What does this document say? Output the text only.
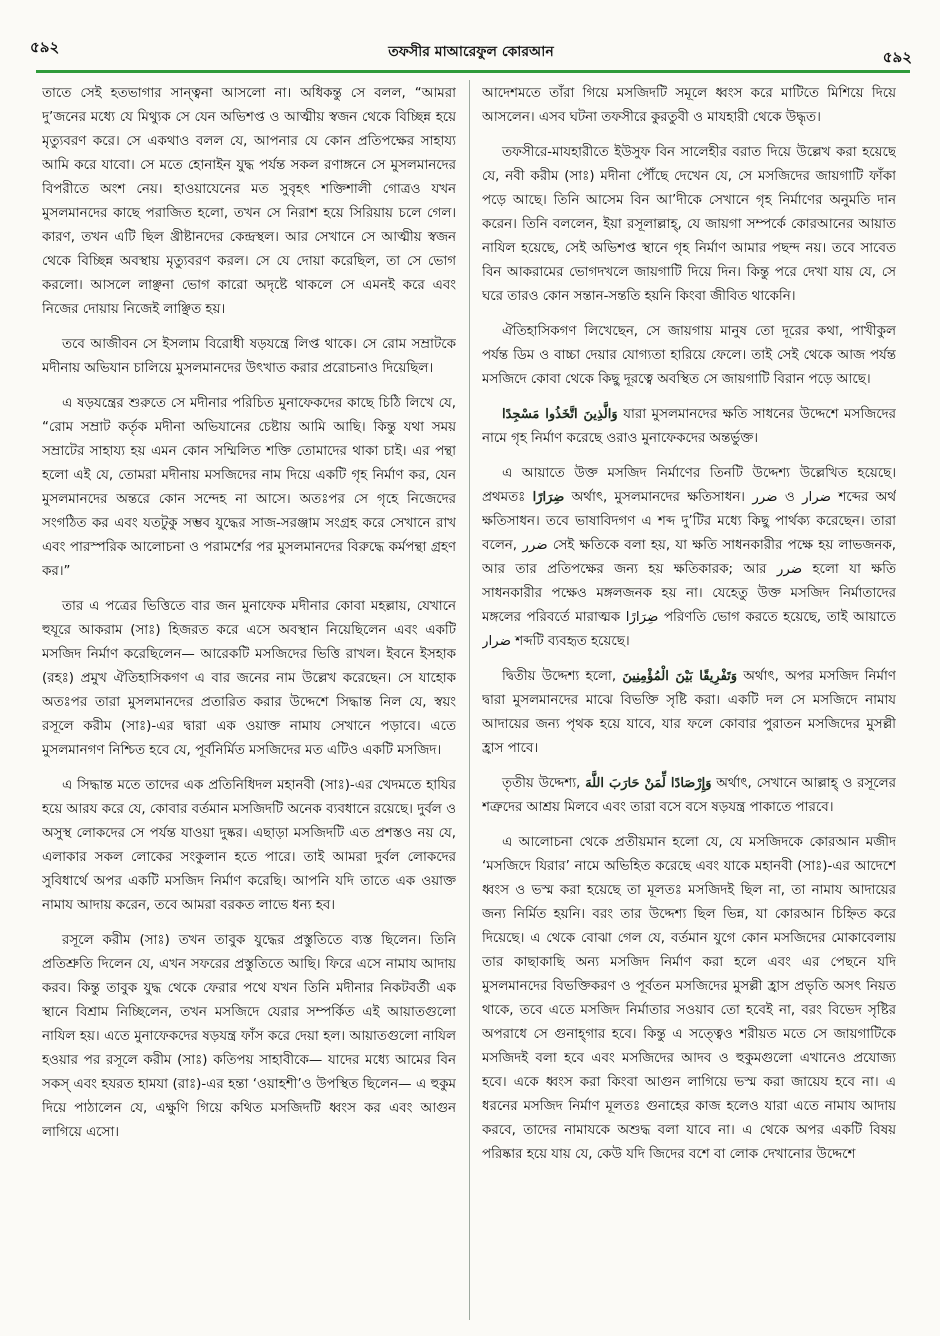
৫৯২	তফসীর মাআরেফুল কোরআন	৫৯২

তাতে সেই হতভাগার সান্ত্বনা আসলো না। অধিকন্তু সে বলল, “আমরা দু’জনের মধ্যে যে মিথ্যুক সে যেন অভিশপ্ত ও আত্মীয় স্বজন থেকে বিচ্ছিন্ন হয়ে মৃত্যুবরণ করে। সে একথাও বলল যে, আপনার যে কোন প্রতিপক্ষের সাহায্য আমি করে যাবো। সে মতে হোনাইন যুদ্ধ পর্যন্ত সকল রণাঙ্গনে সে মুসলমানদের বিপরীতে অংশ নেয়। হাওয়াযেনের মত সুবৃহৎ শক্তিশালী গোত্রও যখন মুসলমানদের কাছে পরাজিত হলো, তখন সে নিরাশ হয়ে সিরিয়ায় চলে গেল। কারণ, তখন এটি ছিল খ্রীষ্টানদের কেন্দ্রস্থল। আর সেখানে সে আত্মীয় স্বজন থেকে বিচ্ছিন্ন অবস্থায় মৃত্যুবরণ করল। সে যে দোয়া করেছিল, তা সে ভোগ করলো। আসলে লাঞ্ছনা ভোগ কারো অদৃষ্টে থাকলে সে এমনই করে এবং নিজের দোয়ায় নিজেই লাঞ্ছিত হয়।

তবে আজীবন সে ইসলাম বিরোধী ষড়যন্ত্রে লিপ্ত থাকে। সে রোম সম্রাটকে মদীনায় অভিযান চালিয়ে মুসলমানদের উৎখাত করার প্ররোচনাও দিয়েছিল।

এ ষড়যন্ত্রের শুরুতে সে মদীনার পরিচিত মুনাফেকদের কাছে চিঠি লিখে যে, “রোম সম্রাট কর্তৃক মদীনা অভিযানের চেষ্টায় আমি আছি। কিন্তু যথা সময় সম্রাটের সাহায্য হয় এমন কোন সম্মিলিত শক্তি তোমাদের থাকা চাই। এর পন্থা হলো এই যে, তোমরা মদীনায় মসজিদের নাম দিয়ে একটি গৃহ নির্মাণ কর, যেন মুসলমানদের অন্তরে কোন সন্দেহ না আসে। অতঃপর সে গৃহে নিজেদের সংগঠিত কর এবং যতটুকু সম্ভব যুদ্ধের সাজ-সরঞ্জাম সংগ্রহ করে সেখানে রাখ এবং পারস্পরিক আলোচনা ও পরামর্শের পর মুসলমানদের বিরুদ্ধে কর্মপন্থা গ্রহণ কর।”

তার এ পত্রের ভিত্তিতে বার জন মুনাফেক মদীনার কোবা মহল্লায়, যেখানে হুযূরে আকরাম (সাঃ) হিজরত করে এসে অবস্থান নিয়েছিলেন এবং একটি মসজিদ নির্মাণ করেছিলেন— আরেকটি মসজিদের ভিত্তি রাখল। ইবনে ইসহাক (রহঃ) প্রমুখ ঐতিহাসিকগণ এ বার জনের নাম উল্লেখ করেছেন। সে যাহোক অতঃপর তারা মুসলমানদের প্রতারিত করার উদ্দেশে সিদ্ধান্ত নিল যে, স্বয়ং রসূলে করীম (সাঃ)-এর দ্বারা এক ওয়াক্ত নামায সেখানে পড়াবে। এতে মুসলমানগণ নিশ্চিত হবে যে, পূর্বনির্মিত মসজিদের মত এটিও একটি মসজিদ।

এ সিদ্ধান্ত মতে তাদের এক প্রতিনিধিদল মহানবী (সাঃ)-এর খেদমতে হাযির হয়ে আরয করে যে, কোবার বর্তমান মসজিদটি অনেক ব্যবধানে রয়েছে। দুর্বল ও অসুস্থ লোকদের সে পর্যন্ত যাওয়া দুষ্কর। এছাড়া মসজিদটি এত প্রশস্তও নয় যে, এলাকার সকল লোকের সংকুলান হতে পারে। তাই আমরা দুর্বল লোকদের সুবিধার্থে অপর একটি মসজিদ নির্মাণ করেছি। আপনি যদি তাতে এক ওয়াক্ত নামায আদায় করেন, তবে আমরা বরকত লাভে ধন্য হব।

রসূলে করীম (সাঃ) তখন তাবুক যুদ্ধের প্রস্তুতিতে ব্যস্ত ছিলেন। তিনি প্রতিশ্রুতি দিলেন যে, এখন সফরের প্রস্তুতিতে আছি। ফিরে এসে নামায আদায় করব। কিন্তু তাবুক যুদ্ধ থেকে ফেরার পথে যখন তিনি মদীনার নিকটবর্তী এক স্থানে বিশ্রাম নিচ্ছিলেন, তখন মসজিদে যেরার সম্পর্কিত এই আয়াতগুলো নাযিল হয়। এতে মুনাফেকদের ষড়যন্ত্র ফাঁস করে দেয়া হল। আয়াতগুলো নাযিল হওয়ার পর রসূলে করীম (সাঃ) কতিপয় সাহাবীকে— যাদের মধ্যে আমের বিন সকস্ এবং হযরত হামযা (রাঃ)-এর হন্তা ‘ওয়াহশী’ও উপস্থিত ছিলেন— এ হুকুম দিয়ে পাঠালেন যে, এক্ষুণি গিয়ে কথিত মসজিদটি ধ্বংস কর এবং আগুন লাগিয়ে এসো।

আদেশমতে তাঁরা গিয়ে মসজিদটি সমূলে ধ্বংস করে মাটিতে মিশিয়ে দিয়ে আসলেন। এসব ঘটনা তফসীরে কুরতুবী ও মাযহারী থেকে উদ্ধৃত।

তফসীরে-মাযহারীতে ইউসুফ বিন সালেহীর বরাত দিয়ে উল্লেখ করা হয়েছে যে, নবী করীম (সাঃ) মদীনা পৌঁছে দেখেন যে, সে মসজিদের জায়গাটি ফাঁকা পড়ে আছে। তিনি আসেম বিন আ’দীকে সেখানে গৃহ নির্মাণের অনুমতি দান করেন। তিনি বললেন, ইয়া রসূলাল্লাহ্, যে জায়গা সম্পর্কে কোরআনের আয়াত নাযিল হয়েছে, সেই অভিশপ্ত স্থানে গৃহ নির্মাণ আমার পছন্দ নয়। তবে সাবেত বিন আকরামের ভোগদখলে জায়গাটি দিয়ে দিন। কিন্তু পরে দেখা যায় যে, সে ঘরে তারও কোন সন্তান-সন্ততি হয়নি কিংবা জীবিত থাকেনি।

ঐতিহাসিকগণ লিখেছেন, সে জায়গায় মানুষ তো দূরের কথা, পাখীকুল পর্যন্ত ডিম ও বাচ্চা দেয়ার যোগ্যতা হারিয়ে ফেলে। তাই সেই থেকে আজ পর্যন্ত মসজিদে কোবা থেকে কিছু দূরত্বে অবস্থিত সে জায়গাটি বিরান পড়ে আছে।

وَالَّذِينَ اتَّخَذُوا مَسْجِدًا যারা মুসলমানদের ক্ষতি সাধনের উদ্দেশে মসজিদের নামে গৃহ নির্মাণ করেছে ওরাও মুনাফেকদের অন্তর্ভুক্ত।

এ আয়াতে উক্ত মসজিদ নির্মাণের তিনটি উদ্দেশ্য উল্লেখিত হয়েছে। প্রথমতঃ ضِرَارًا অর্থাৎ, মুসলমানদের ক্ষতিসাধন। ضرر ও ضرار শব্দের অর্থ ক্ষতিসাধন। তবে ভাষাবিদগণ এ শব্দ দু’টির মধ্যে কিছু পার্থক্য করেছেন। তারা বলেন, ضرر সেই ক্ষতিকে বলা হয়, যা ক্ষতি সাধনকারীর পক্ষে হয় লাভজনক, আর তার প্রতিপক্ষের জন্য হয় ক্ষতিকারক; আর ضرر হলো যা ক্ষতি সাধনকারীর পক্ষেও মঙ্গলজনক হয় না। যেহেতু উক্ত মসজিদ নির্মাতাদের মঙ্গলের পরিবর্তে মারাত্মক ضِرَارًا পরিণতি ভোগ করতে হয়েছে, তাই আয়াতে ضرار শব্দটি ব্যবহৃত হয়েছে।

দ্বিতীয় উদ্দেশ্য হলো, وَتَفْرِيقًا بَيْنَ الْمُؤْمِنِينَ অর্থাৎ, অপর মসজিদ নির্মাণ দ্বারা মুসলমানদের মাঝে বিভক্তি সৃষ্টি করা। একটি দল সে মসজিদে নামায আদায়ের জন্য পৃথক হয়ে যাবে, যার ফলে কোবার পুরাতন মসজিদের মুসল্লী হ্রাস পাবে।

তৃতীয় উদ্দেশ্য, وَإِرْصَادًا لِّمَنْ حَارَبَ اللَّهَ অর্থাৎ, সেখানে আল্লাহ্ ও রসূলের শত্রুদের আশ্রয় মিলবে এবং তারা বসে বসে ষড়যন্ত্র পাকাতে পারবে।

এ আলোচনা থেকে প্রতীয়মান হলো যে, যে মসজিদকে কোরআন মজীদ ‘মসজিদে যিরার’ নামে অভিহিত করেছে এবং যাকে মহানবী (সাঃ)-এর আদেশে ধ্বংস ও ভস্ম করা হয়েছে তা মূলতঃ মসজিদই ছিল না, তা নামায আদায়ের জন্য নির্মিত হয়নি। বরং তার উদ্দেশ্য ছিল ভিন্ন, যা কোরআন চিহ্নিত করে দিয়েছে। এ থেকে বোঝা গেল যে, বর্তমান যুগে কোন মসজিদের মোকাবেলায় তার কাছাকাছি অন্য মসজিদ নির্মাণ করা হলে এবং এর পেছনে যদি মুসলমানদের বিভক্তিকরণ ও পূর্বতন মসজিদের মুসল্লী হ্রাস প্রভৃতি অসৎ নিয়ত থাকে, তবে এতে মসজিদ নির্মাতার সওয়াব তো হবেই না, বরং বিভেদ সৃষ্টির অপরাধে সে গুনাহ্গার হবে। কিন্তু এ সত্ত্বেও শরীয়ত মতে সে জায়গাটিকে মসজিদই বলা হবে এবং মসজিদের আদব ও হুকুমগুলো এখানেও প্রযোজ্য হবে। একে ধ্বংস করা কিংবা আগুন লাগিয়ে ভস্ম করা জায়েয হবে না। এ ধরনের মসজিদ নির্মাণ মূলতঃ গুনাহের কাজ হলেও যারা এতে নামায আদায় করবে, তাদের নামাযকে অশুদ্ধ বলা যাবে না। এ থেকে অপর একটি বিষয় পরিষ্কার হয়ে যায় যে, কেউ যদি জিদের বশে বা লোক দেখানোর উদ্দেশে
